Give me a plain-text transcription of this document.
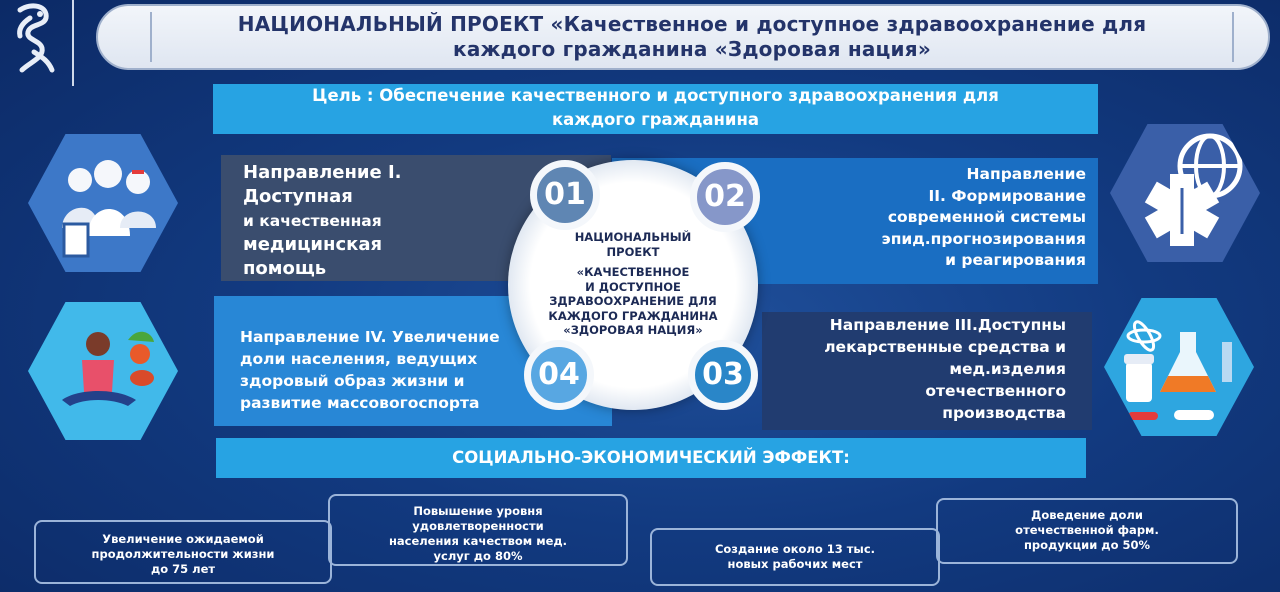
НАЦИОНАЛЬНЫЙ ПРОЕКТ «Качественное и доступное здравоохранение для
каждого гражданина «Здоровая нация»
Цель : Обеспечение качественного и доступного здравоохранения для
каждого гражданина
Направление I.
Доступная
и качественная
медицинская
помощь
Направление
II. Формирование
современной системы
эпид.прогнозирования
и реагирования
Направление IV. Увеличение
доли населения, ведущих
здоровый образ жизни и
развитие массовогоспорта
Направление III.Доступны
лекарственные средства и
мед.изделия
отечественного
производства
НАЦИОНАЛЬНЫЙ
ПРОЕКТ
«КАЧЕСТВЕННОЕ
И ДОСТУПНОЕ
ЗДРАВООХРАНЕНИЕ ДЛЯ
КАЖДОГО ГРАЖДАНИНА
«ЗДОРОВАЯ НАЦИЯ»
01	02
03
04
СОЦИАЛЬНО-ЭКОНОМИЧЕСКИЙ ЭФФЕКТ:
Увеличение ожидаемой
продолжительности жизни
до 75 лет
Повышение уровня
удовлетворенности
населения качеством мед.
услуг до 80%	Создание около 13 тыс.
новых рабочих мест
Доведение доли
отечественной фарм.
продукции до 50%
